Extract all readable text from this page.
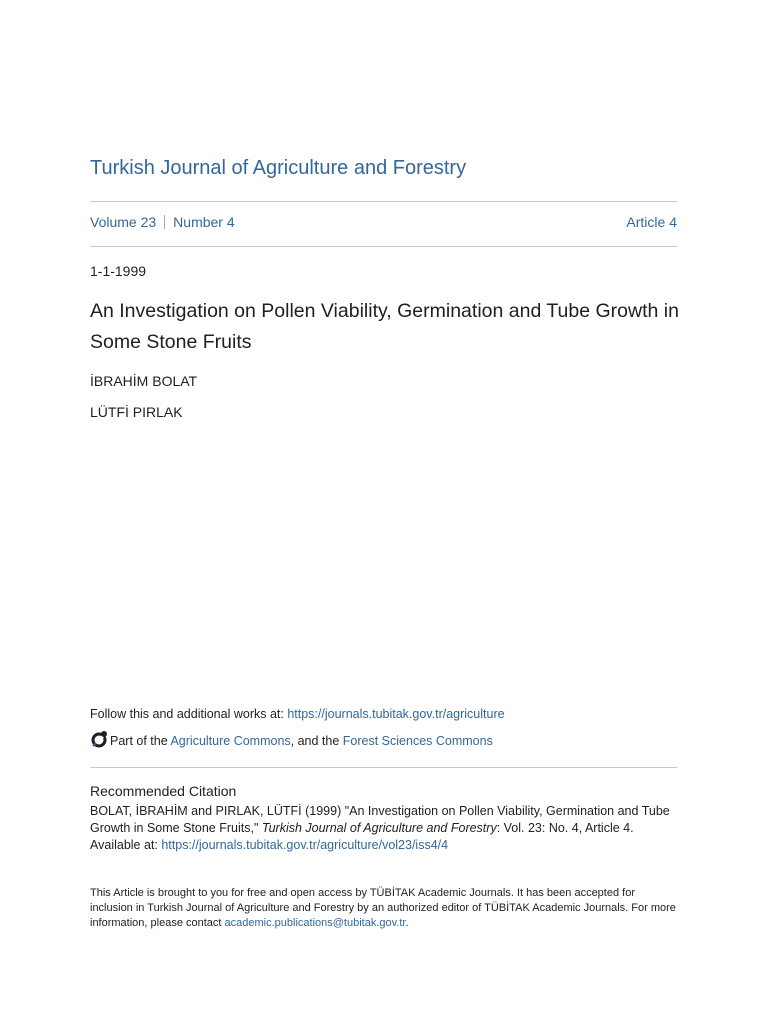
Turkish Journal of Agriculture and Forestry
Volume 23 Number 4	Article 4
1-1-1999
An Investigation on Pollen Viability, Germination and Tube Growth in Some Stone Fruits
İBRAHİM BOLAT
LÜTFİ PIRLAK
Follow this and additional works at: https://journals.tubitak.gov.tr/agriculture
Part of the Agriculture Commons, and the Forest Sciences Commons
Recommended Citation
BOLAT, İBRAHİM and PIRLAK, LÜTFİ (1999) "An Investigation on Pollen Viability, Germination and Tube Growth in Some Stone Fruits," Turkish Journal of Agriculture and Forestry: Vol. 23: No. 4, Article 4.
Available at: https://journals.tubitak.gov.tr/agriculture/vol23/iss4/4
This Article is brought to you for free and open access by TÜBİTAK Academic Journals. It has been accepted for inclusion in Turkish Journal of Agriculture and Forestry by an authorized editor of TÜBİTAK Academic Journals. For more information, please contact academic.publications@tubitak.gov.tr.
